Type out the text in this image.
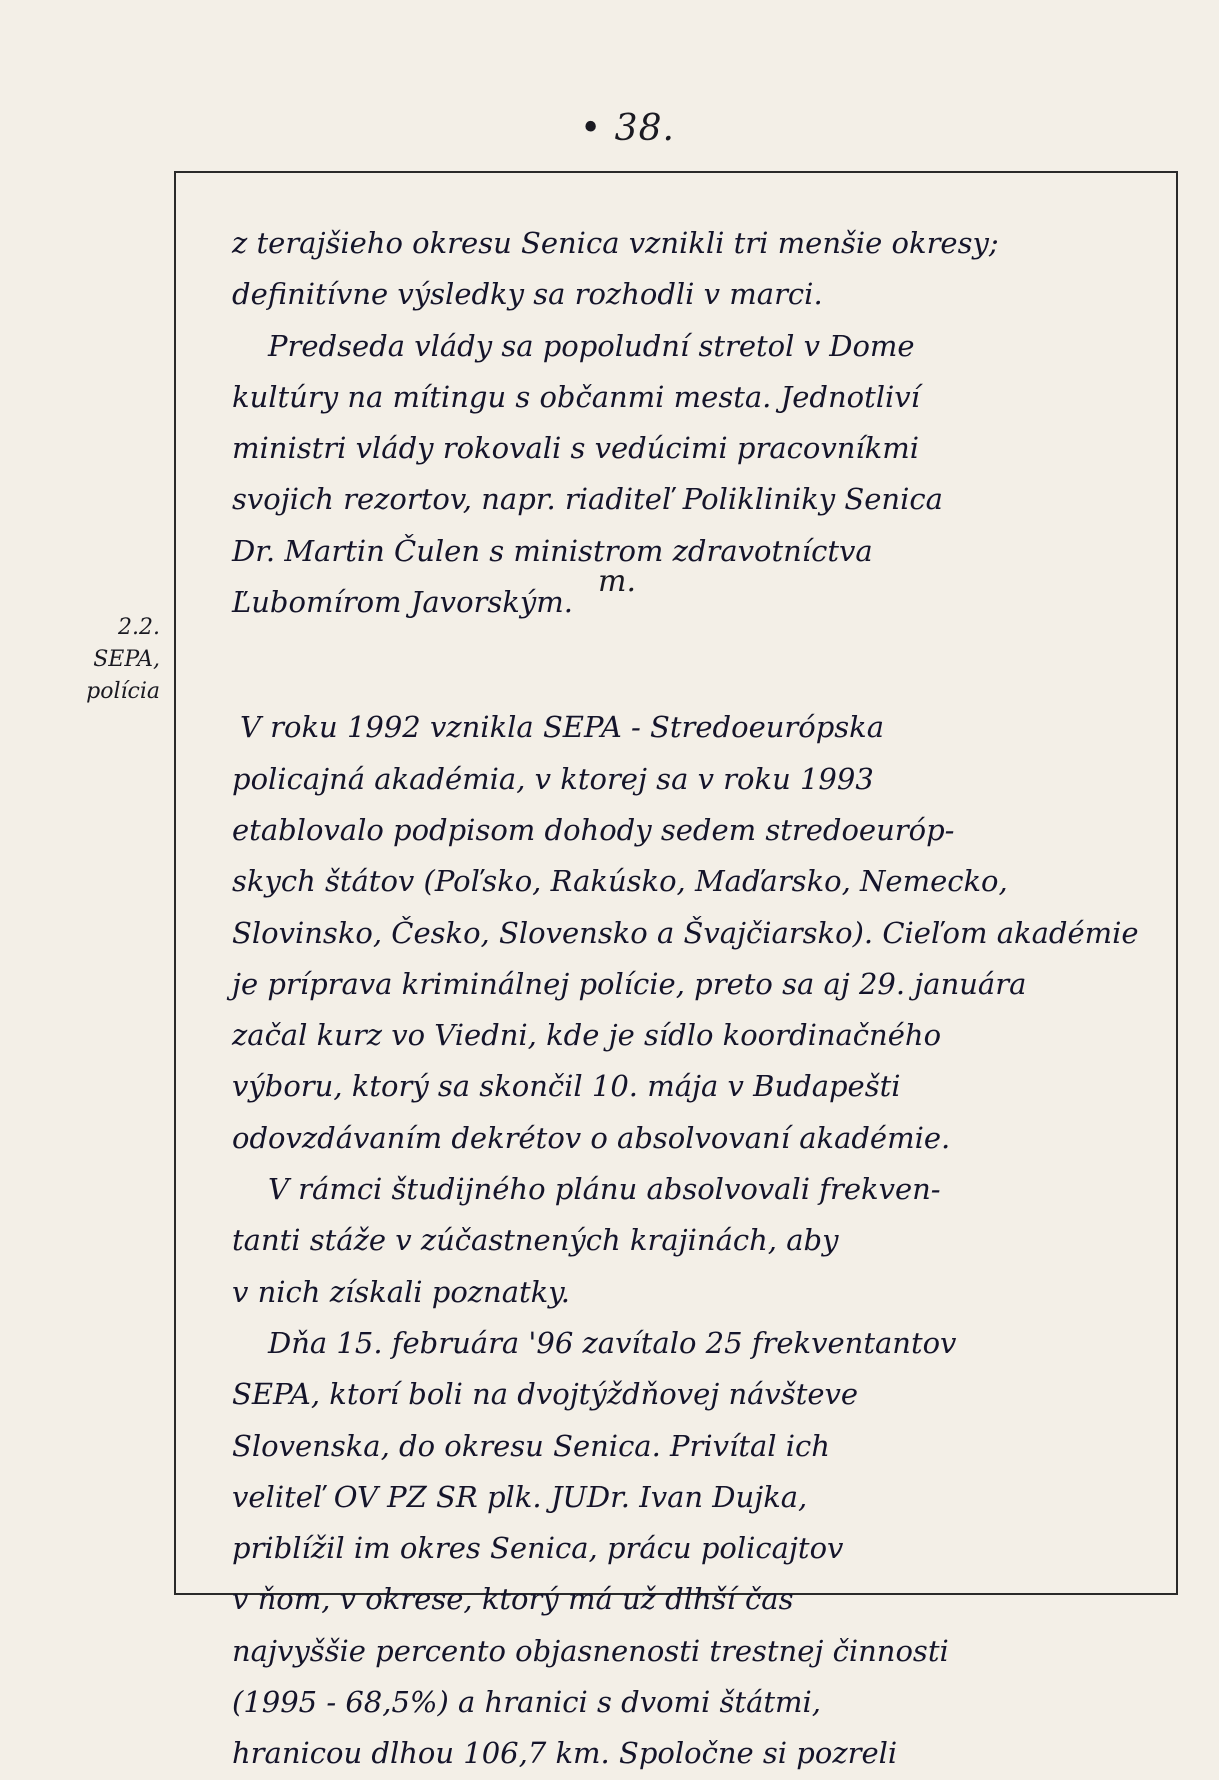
• 38.
2.2.
SEPA,
polícia
m.
z terajšieho okresu Senica vznikli tri menšie okresy;
definitívne výsledky sa rozhodli v marci.
Predseda vlády sa popoludní stretol v Dome
kultúry na mítingu s občanmi mesta. Jednotliví
ministri vlády rokovali s vedúcimi pracovníkmi
svojich rezortov, napr. riaditeľ Polikliniky Senica
Dr. Martin Čulen s ministrom zdravotníctva
Ľubomírom Javorským.
V roku 1992 vznikla SEPA - Stredoeurópska
policajná akadémia, v ktorej sa v roku 1993
etablovalo podpisom dohody sedem stredoeuróp-
skych štátov (Poľsko, Rakúsko, Maďarsko, Nemecko,
Slovinsko, Česko, Slovensko a Švajčiarsko). Cieľom akadémie
je príprava kriminálnej polície, preto sa aj 29. januára
začal kurz vo Viedni, kde je sídlo koordinačného
výboru, ktorý sa skončil 10. mája v Budapešti
odovzdávaním dekrétov o absolvovaní akadémie.
V rámci študijného plánu absolvovali frekven-
tanti stáže v zúčastnených krajinách, aby
v nich získali poznatky.
Dňa 15. februára '96 zavítalo 25 frekventantov
SEPA, ktorí boli na dvojtýždňovej návšteve
Slovenska, do okresu Senica. Privítal ich
veliteľ OV PZ SR plk. JUDr. Ivan Dujka,
priblížil im okres Senica, prácu policajtov
v ňom, v okrese, ktorý má už dlhší čas
najvyššie percento objasnenosti trestnej činnosti
(1995 - 68,5%) a hranici s dvomi štátmi,
hranicou dlhou 106,7 km. Spoločne si pozreli
